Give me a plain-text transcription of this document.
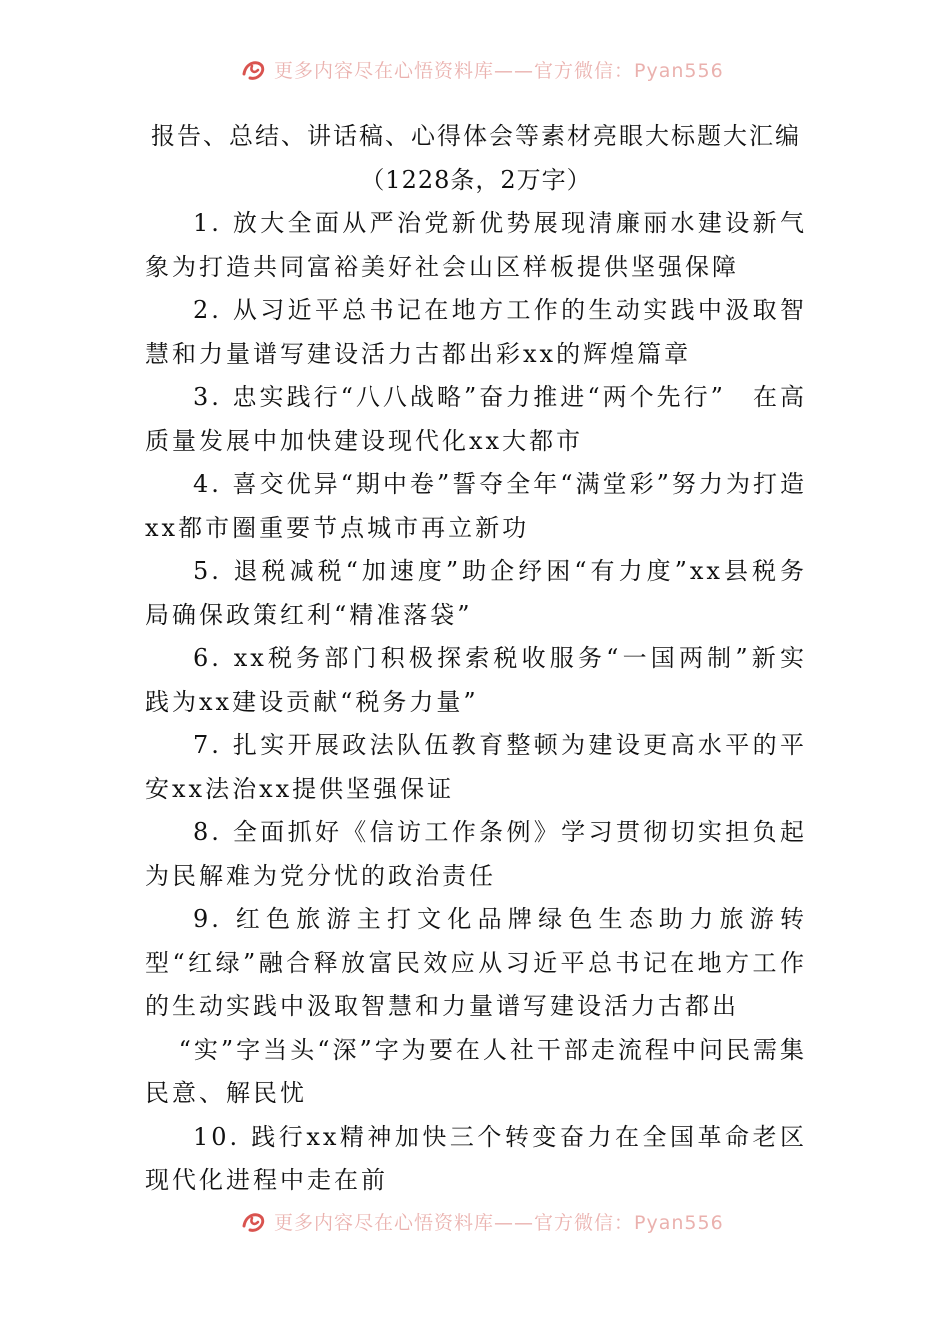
更多内容尽在心悟资料库——官方微信：Pyan556
报告、总结、讲话稿、心得体会等素材亮眼大标题大汇编

（1228条，2万字）

1. 放大全面从严治党新优势展现清廉丽水建设新气象为打造共同富裕美好社会山区样板提供坚强保障

2. 从习近平总书记在地方工作的生动实践中汲取智慧和力量谱写建设活力古都出彩xx的辉煌篇章

3. 忠实践行“八八战略”奋力推进“两个先行”　在高质量发展中加快建设现代化xx大都市

4. 喜交优异“期中卷”誓夺全年“满堂彩”努力为打造xx都市圈重要节点城市再立新功

5. 退税减税“加速度”助企纾困“有力度”xx县税务局确保政策红利“精准落袋”

6. xx税务部门积极探索税收服务“一国两制”新实践为xx建设贡献“税务力量”

7. 扎实开展政法队伍教育整顿为建设更高水平的平安xx法治xx提供坚强保证

8. 全面抓好《信访工作条例》学习贯彻切实担负起为民解难为党分忧的政治责任

9. 红色旅游主打文化品牌绿色生态助力旅游转型“红绿”融合释放富民效应从习近平总书记在地方工作的生动实践中汲取智慧和力量谱写建设活力古都出

“实”字当头“深”字为要在人社干部走流程中问民需集民意、解民忧

10. 践行xx精神加快三个转变奋力在全国革命老区现代化进程中走在前

更多内容尽在心悟资料库——官方微信：Pyan556
